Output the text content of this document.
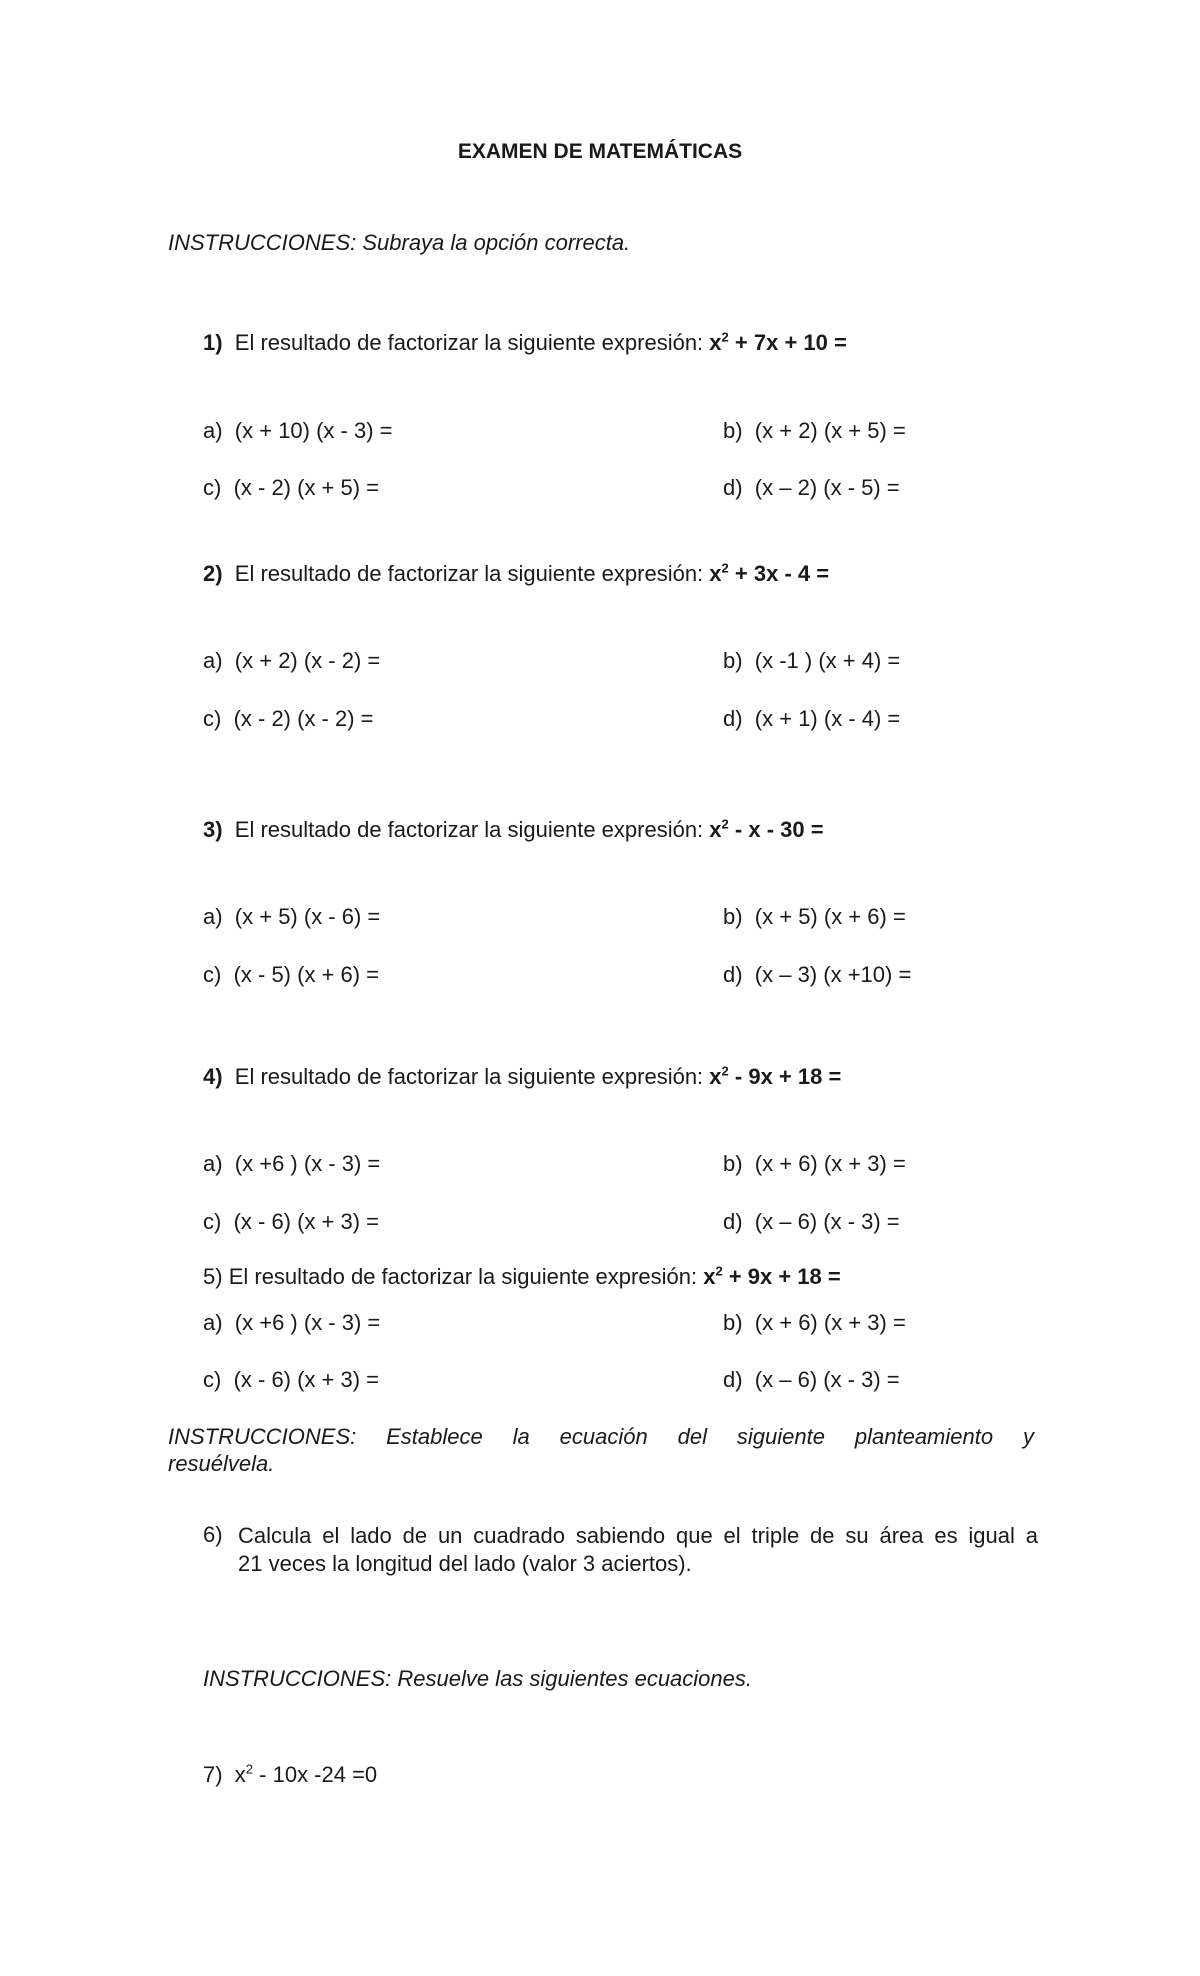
EXAMEN DE MATEMÁTICAS
INSTRUCCIONES: Subraya la opción correcta.
1) El resultado de factorizar la siguiente expresión: $x^2 + 7x + 10$ =
a) (x + 10) (x - 3) =	b) (x + 2) (x + 5) =
c) (x - 2) (x + 5) =	d) (x – 2) (x - 5) =
2) El resultado de factorizar la siguiente expresión: $x^2 + 3x - 4$ =
a) (x + 2) (x - 2) =	b) (x -1 ) (x + 4) =
c) (x - 2) (x - 2) =	d) (x + 1) (x - 4) =
3) El resultado de factorizar la siguiente expresión: $x^2$ - x - 30 =
a) (x + 5) (x - 6) =	b) (x + 5) (x + 6) =
c) (x - 5) (x + 6) =	d) (x – 3) (x +10) =
4) El resultado de factorizar la siguiente expresión: $x^2 - 9x + 18$ =
a) (x +6 ) (x - 3) =	b) (x + 6) (x + 3) =
c) (x - 6) (x + 3) =	d) (x – 6) (x - 3) =
5) El resultado de factorizar la siguiente expresión: $x^2 + 9x + 18$ =
a) (x +6 ) (x - 3) =	b) (x + 6) (x + 3) =
c) (x - 6) (x + 3) =	d) (x – 6) (x - 3) =
INSTRUCCIONES: Establece la ecuación del siguiente planteamiento y
resuélvela.
6) Calcula el lado de un cuadrado sabiendo que el triple de su área es igual a
21 veces la longitud del lado (valor 3 aciertos).
INSTRUCCIONES: Resuelve las siguientes ecuaciones.
7) $x^2 - 10x$ -24 =0
